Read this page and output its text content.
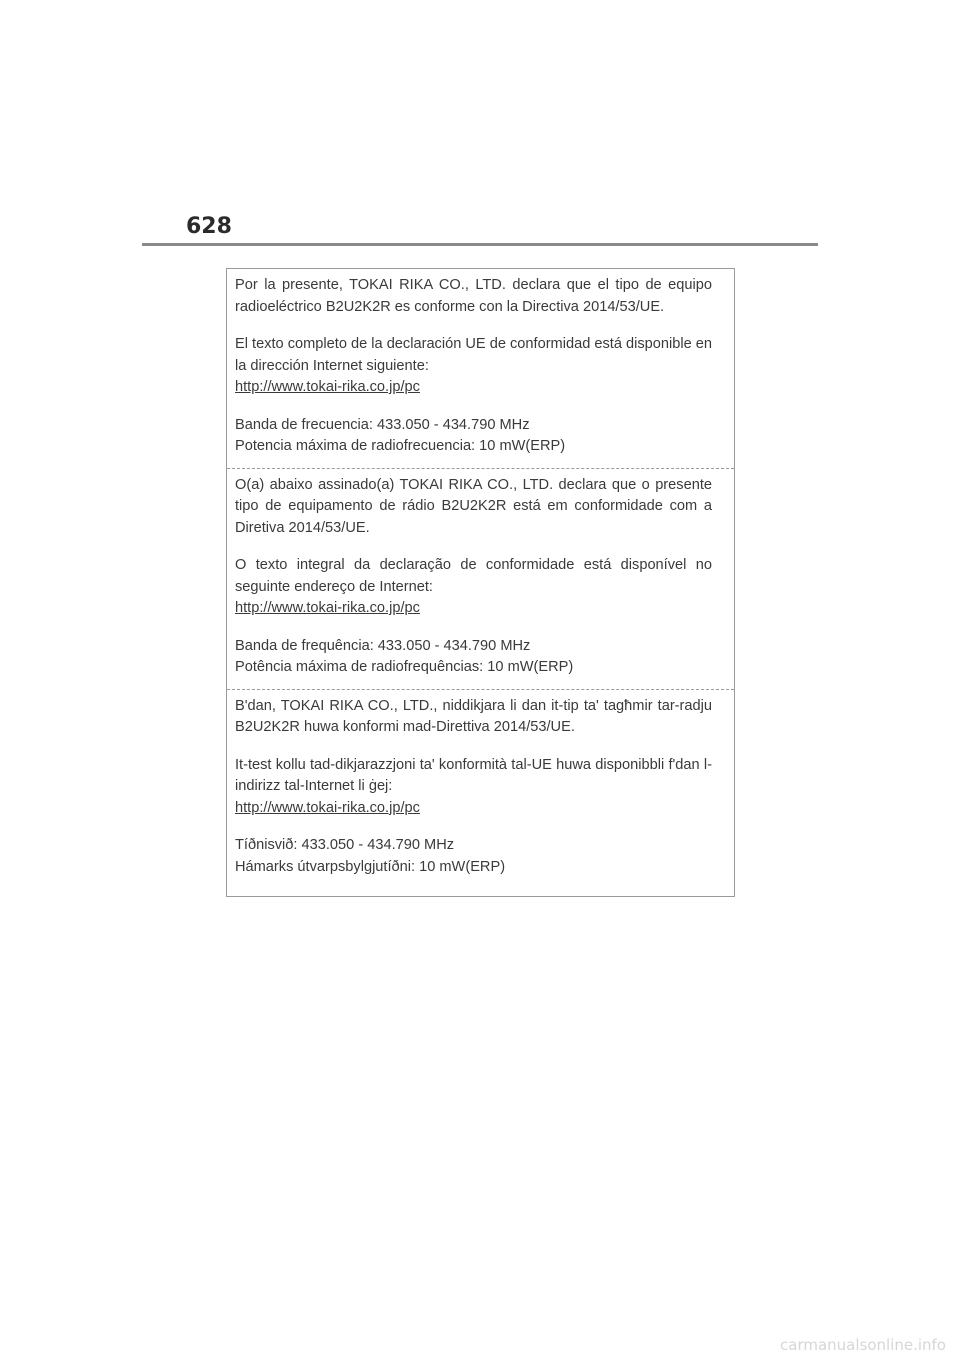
628

Por la presente, TOKAI RIKA CO., LTD. declara que el tipo de equipo radioeléctrico B2U2K2R es conforme con la Directiva 2014/53/UE.

El texto completo de la declaración UE de conformidad está disponible en la dirección Internet siguiente:

http://www.tokai-rika.co.jp/pc

Banda de frecuencia: 433.050 - 434.790 MHz

Potencia máxima de radiofrecuencia: 10 mW(ERP)

O(a) abaixo assinado(a) TOKAI RIKA CO., LTD. declara que o presente tipo de equipamento de rádio B2U2K2R está em conformidade com a Diretiva 2014/53/UE.

O texto integral da declaração de conformidade está disponível no seguinte endereço de Internet:

http://www.tokai-rika.co.jp/pc

Banda de frequência: 433.050 - 434.790 MHz

Potência máxima de radiofrequências: 10 mW(ERP)

B'dan, TOKAI RIKA CO., LTD., niddikjara li dan it-tip ta' tagħmir tar-radju B2U2K2R huwa konformi mad-Direttiva 2014/53/UE.

It-test kollu tad-dikjarazzjoni ta' konformità tal-UE huwa disponibbli f'dan l-indirizz tal-Internet li ġej:

http://www.tokai-rika.co.jp/pc

Tíðnisvið: 433.050 - 434.790 MHz

Hámarks útvarpsbylgjutíðni: 10 mW(ERP)

carmanualsonline.info
